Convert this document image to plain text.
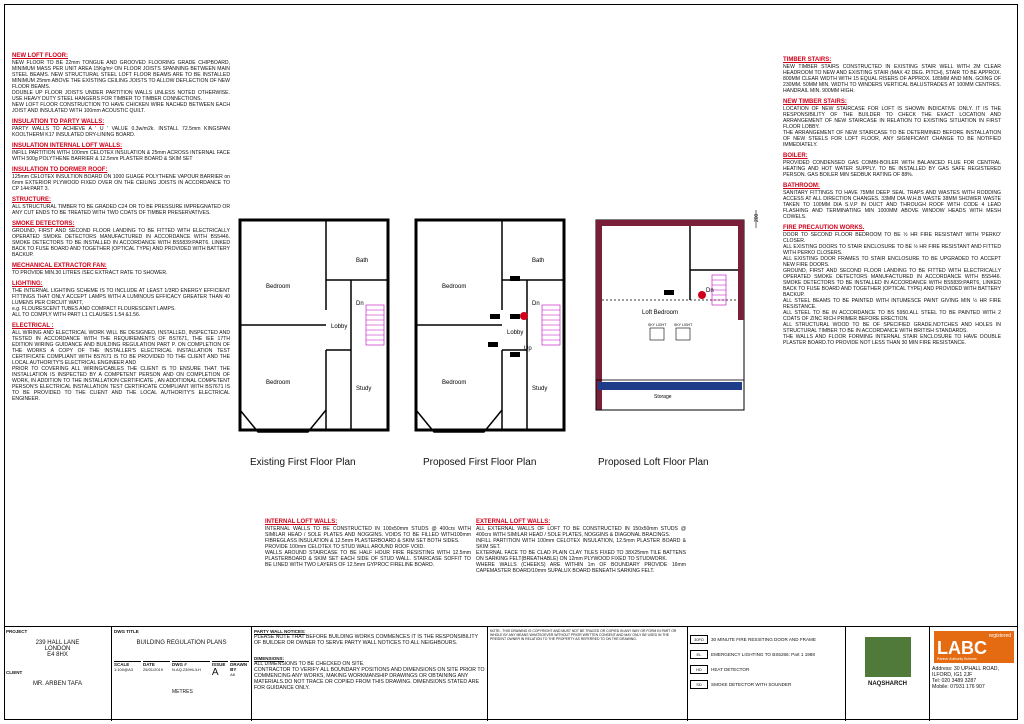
NEW LOFT FLOOR:

NEW FLOOR TO BE 22mm TONGUE AND GROOVED FLOORING GRADE CHIPBOARD, MINIMUM MASS PER UNIT AREA 15Kg/m² ON FLOOR JOISTS SPANNING BETWEEN MAIN STEEL BEAMS. NEW STRUCTURAL STEEL LOFT FLOOR BEAMS ARE TO BE INSTALLED MINIMUM 25mm ABOVE THE EXISTING CEILING JOISTS TO ALLOW DEFLECTION OF NEW FLOOR BEAMS.
DOUBLE UP FLOOR JOISTS UNDER PARTITION WALLS UNLESS NOTED OTHERWISE. USE HEAVY DUTY STEEL HANGERS FOR TIMBER TO TIMBER CONNECTIONS.
NEW LOFT FLOOR CONSTRUCTION TO HAVE CHICKEN WIRE NACHED BETWEEN EACH JOIST AND INSULATED WITH 100mm ACOUSTIC QUILT.

INSULATION TO PARTY WALLS:

PARTY WALLS TO ACHIEVE A ' U ' VALUE 0.3w/m2k. INSTALL 72.5mm KINGSPAN KOOLTHERM K17 INSULATED DRY-LINING BOARD.

INSULATION INTERNAL LOFT WALLS:

INFILL PARTITION WITH 100mm CELOTEX INSULATION & 25mm ACROSS INTERNAL FACE WITH 500g POLYTHENE BARRIER & 12.5mm PLASTER BOARD & SKIM SET

INSULATION TO DORMER ROOF:

125mm CELOTEX INSULTION BOARD ON 1000 GUAGE POLYTHENE VAPOUR BARRIER on 6mm EXTERIOR PLYWOOD FIXED OVER ON THE CEILING JOISTS IN ACCORDANCE TO CP 144:PART 3.

STRUCTURE:

ALL STRUCTURAL TIMBER TO BE GRADED C24 OR TO BE PRESSURE IMPREGNATED OR ANY CUT ENDS TO BE TREATED WITH TWO COATS OF TIMBER PRESERVATIVES.

SMOKE DETECTORS:

GROUND, FIRST AND SECOND FLOOR LANDING TO BE FITTED WITH ELECTRICALLY OPERATED SMOKE DETECTORS MANUFACTURED IN ACCORDANCE WITH BS5446. SMOKE DETECTORS TO BE INSTALLED IN ACCORDANCE WITH BS5839:PART6. LINKED BACK TO FUSE BOARD AND TOGETHER (OPTICAL TYPE) AND PROVIDED WITH BATTERY BACKUP.

MECHANICAL EXTRACTOR FAN:

TO PROVIDE MIN.30 LITRES /SEC EXTRACT RATE TO SHOWER.

LIGHTING:

THE INTERNAL LIGHTING SCHEME IS TO INCLUDE AT LEAST 1/3RD ENERGY EFFICIENT FITTINGS THAT ONLY ACCEPT LAMPS WITH A LUMINOUS EFFICACY GREATER THAN 40 LUMENS PER CIRCUIT WATT,
e.g. FLOURESCENT TUBES AND COMPACT FLOURESCENT LAMPS.
ALL TO COMPLY WITH PART L1 CLAUSES 1.54 &1.56.

ELECTRICAL :

ALL WIRING AND ELECTRICAL WORK WILL BE DESIGNED, INSTALLED, INSPECTED AND TESTED IN ACCORDANCE WITH THE REQUIREMENTS OF BS7671, THE IEE 17TH EDITION WIRING GUIDANCE AND BUILDING REGULATION PART P. ON COMPLETION OF THE WORKS A COPY OF THE INSTALLER'S ELECTRICAL INSTALLATION TEST CERTIFICATE COMPLIANT WITH BS7671 IS TO BE PROVIDED TO THE CLIENT AND THE LOCAL AUTHORITY'S ELECTRICAL ENGINEER AND
PRIOR TO COVERING ALL WIRING/CABLES THE CLIENT IS TO ENSURE THAT THE INSTALLATION IS INSPECTED BY A COMPETENT PERSON AND ON COMPLETION OF WORK, IN ADDITION TO THE INSTALLATION CERTIFICATE , AN ADDITIONAL COMPETENT PERSON'S ELECTRICAL INSTALLATION TEST CERTIFICATE COMPLIANT WITH BS7671 IS TO BE PROVIDED TO THE CLIENT AND THE LOCAL AUTHORITY'S ELECTRICAL ENGINEER.

TIMBER STAIRS:

NEW TIMBER STAIRS CONSTRUCTED IN EXISTING STAIR WELL WITH 2M CLEAR HEADROOM TO NEW AND EXISTING STAIR (MAX 42 DEG. PITCH), STAIR TO BE APPROX. 800MM CLEAR WIDTH WITH 15 EQUAL RISERS OF APPROX. 185MM AND MIN. GOING OF 230MM. 50MM MIN. WIDTH TO WINDERS VERTICAL BALUSTRADES AT 100MM CENTRES. HANDRAIL MIN. 900MM HIGH.

NEW TIMBER STAIRS:

LOCATION OF NEW STAIRCASE FOR LOFT IS SHOWN INDICATIVE ONLY. IT IS THE RESPONSIBILITY OF THE BUILDER TO CHECK THE EXACT LOCATION AND ARRANGEMENT OF NEW STAIRCASE IN RELATION TO EXISTING SITUATION IN FIRST FLOOR LOBBY.
THE ARRANGEMENT OF NEW STAIRCASE TO BE DETERMINED BEFORE INSTALLATION OF NEW STEELS FOR LOFT FLOOR, ANY SIGNIFICANT CHANGE TO BE NOTIFIED IMMEDIATELY.

BOILER:

PROVIDED CONDENSED GAS COMBI-BOILER WITH BALANCED FLUE FOR CENTRAL HEATING AND HOT WATER SUPPLY. TO BE INSTALLED BY GAS SAFE REGISTERED PERSON. GAS BOILER MIN SEDBUK RATING OF 88%.

BATHROOM:

SANITARY FITTINGS TO HAVE 75MM DEEP SEAL TRAPS AND WASTES WITH RODDING ACCESS AT ALL DIRECTION CHANGES. 33MM DIA W.H.B WASTE 38MM SHOWER WASTE TAKEN TO 100MM DIA S.V.P IN DUCT AND THROUGH ROOF WITH CODE 4 LEAD FLASHING AND TERMINATING MIN 1000MM ABOVE WINDOW HEADS WITH MESH COWELS.

FIRE PRECAUTION WORKS.

DOOR TO SECOND FLOOR BEDROOM TO BE ½ HR FIRE RESISTANT WITH 'PERKO' CLOSER.
ALL EXISTING DOORS TO STAIR ENCLOSURE TO BE ½ HR FIRE RESISTANT AND FITTED WITH PERKO CLOSERS.
ALL EXISTING DOOR FRAMES TO STAIR ENCLOSURE TO BE UPGRADED TO ACCEPT NEW FIRE DOORS.
GROUND, FIRST AND SECOND FLOOR LANDING TO BE FITTED WITH ELECTRICALLY OPERATED SMOKE DETECTORS MANUFACTURED IN ACCORDANCE WITH BS5446. SMOKE DETECTORS TO BE INSTALLED IN ACCORDANCE WITH BS5839:PART6, LINKED BACK TO FUSE BOARD AND TOGETHER (OPTICAL TYPE) AND PROVIDED WITH BATTERY BACKUP.
ALL STEEL BEAMS TO BE PAINTED WITH INTUMESCE PAINT GIVING MIN ½ HR FIRE RESISTANCE.
ALL STEEL TO BE IN ACCORDANCE TO BS 5950.ALL STEEL TO BE PAINTED WITH 2 COATS OF ZINC RICH PRIMER BEFORE ERECTION.
ALL STRUCTURAL WOOD TO BE OF SPECIFIED GRADE.NOTCHES AND HOLES IN STRUCTURAL TIMBER TO BE IN ACCORDANCE WITH BRITISH STANDARDS.
THE WALLS AND FLOOR FORMING INTERNAL STAIR ENCLOSURE TO HAVE DOUBLE PLASTER BOARD.TO PROVIDE NOT LESS THAN 30 MIN FIRE RESISTANCE.

INTERNAL LOFT WALLS:

INTERNAL WALLS TO BE CONSTRUCTED IN 100x50mm STUDS @ 400crs WITH SIMILAR HEAD / SOLE PLATES AND NOGGINS. VOIDS TO BE FILLED WITH100mm FIBREGLASS INSULATION & 12.5mm PLASTERBOARD & SKIM SET BOTH SIDES.
PROVIDE 100mm CELOTEX TO STUD WALL AROUND ROOF VOID.
WALLS AROUND STAIRCASE TO BE HALF HOUR FIRE RESISTING WITH 12.5mm PLASTERBOARD & SKIM SET EACH SIDE OF STUD WALL. STAIRCASE SOFFIT TO BE LINED WITH TWO LAYERS OF 12.5mm GYPROC FIRELINE BOARD.

EXTERNAL LOFT WALLS:

ALL EXTERNAL WALLS OF LOFT TO BE CONSTRUCTED IN 150x50mm STUDS @ 400crs WITH SIMILAR HEAD / SOLE PLATES, NOGGINS & DIAGONAL BRACINGS.
INFILL PARTITION WITH 100mm CELOTEX INSULATION, 12.5mm PLASTER BOARD & SKIM SET.
EXTERNAL FACE TO BE CLAD PLAIN CLAY TILES FIXED TO 38X25mm TILE BATTENS ON SARKING FELT(BREATHABLE) ON 12mm PLYWOOD FIXED TO STUDWORK.
WHERE WALLS (CHEEKS) ARE WITHIN 1m OF BOUNDARY PROVIDE 16mm CAPEMASTER BOARD/10mm SUPALUX BOARD BENEATH SARKING FELT.

Bedroom
Bath
Dn
Lobby
Bedroom
Study
Existing First Floor Plan
Bedroom
Bath
Dn
Lobby
Up
Bedroom
Study
Proposed First Floor Plan
200
Loft Bedroom
Dn
SKY LIGHT SKY LIGHT
Storage
Proposed Loft Floor Plan
PROJECT
239 HALL LANE
LONDON
E4 8HX
CLIENT
MR. ARBEN TAFA
DWG TITLE
BUILDING REGULATION PLANS
SCALE
1:100@A3
DATE
25/01/2019
DWG #
N.AQ.239HL/LH
ISSUE
A
DRAWN BY
AK
METRES
PARTY WALL NOTICES:
PLEASE NOTE THAT BEFORE BUILDING WORKS COMMENCES IT IS THE RESPONSIBILITY OF BUILDER OR OWNER TO SERVE PARTY WALL NOTICES TO ALL NEIGHBOURS.
DIMENSIONS:
ALL DIMENSIONS TO BE CHECKED ON SITE.
CONTRACTOR TO VERIFY ALL BOUNDARY POSITIONS AND DIMENSIONS ON SITE PRIOR TO COMMENCING ANY WORKS, MAKING WORKMANSHIP DRAWINGS OR OBTAINING ANY MATERIALS.DO NOT TRACE OR COPIED FROM THIS DRAWING. DIMENSIONS STATED ARE FOR GUIDANCE ONLY.
NOTE:- THIS DRAWING IS COPYRIGHT AND MUST NOT BE TRACED OR COPIED IN ANY WAY OR FORM IN PART OR WHOLE BY ANY MEANS WHATSOEVER WITHOUT PRIOR WRITTEN CONSENT AND MAY ONLY BE USED IN THE PRESENT OWNER IN RELATION TO THE PROPERTY AS REFERRED TO ON THE DRAWING.	30FD	30 MINUTE FIRE RESISTING DOOR AND FRAME
EL	EMERGENCY LIGHTING TO BS5266: Part 1 1988
HD	HEAT DETECTOR
SD	SMOKE DETECTOR WITH SOUNDER	NAQSHARCH
registered
LABC
Partner Authority Scheme
Address: 30 UPHALL ROAD,
ILFORD, IG1 2JF
Tel: 020 3489 3287
Mobile: 07931 176 907
